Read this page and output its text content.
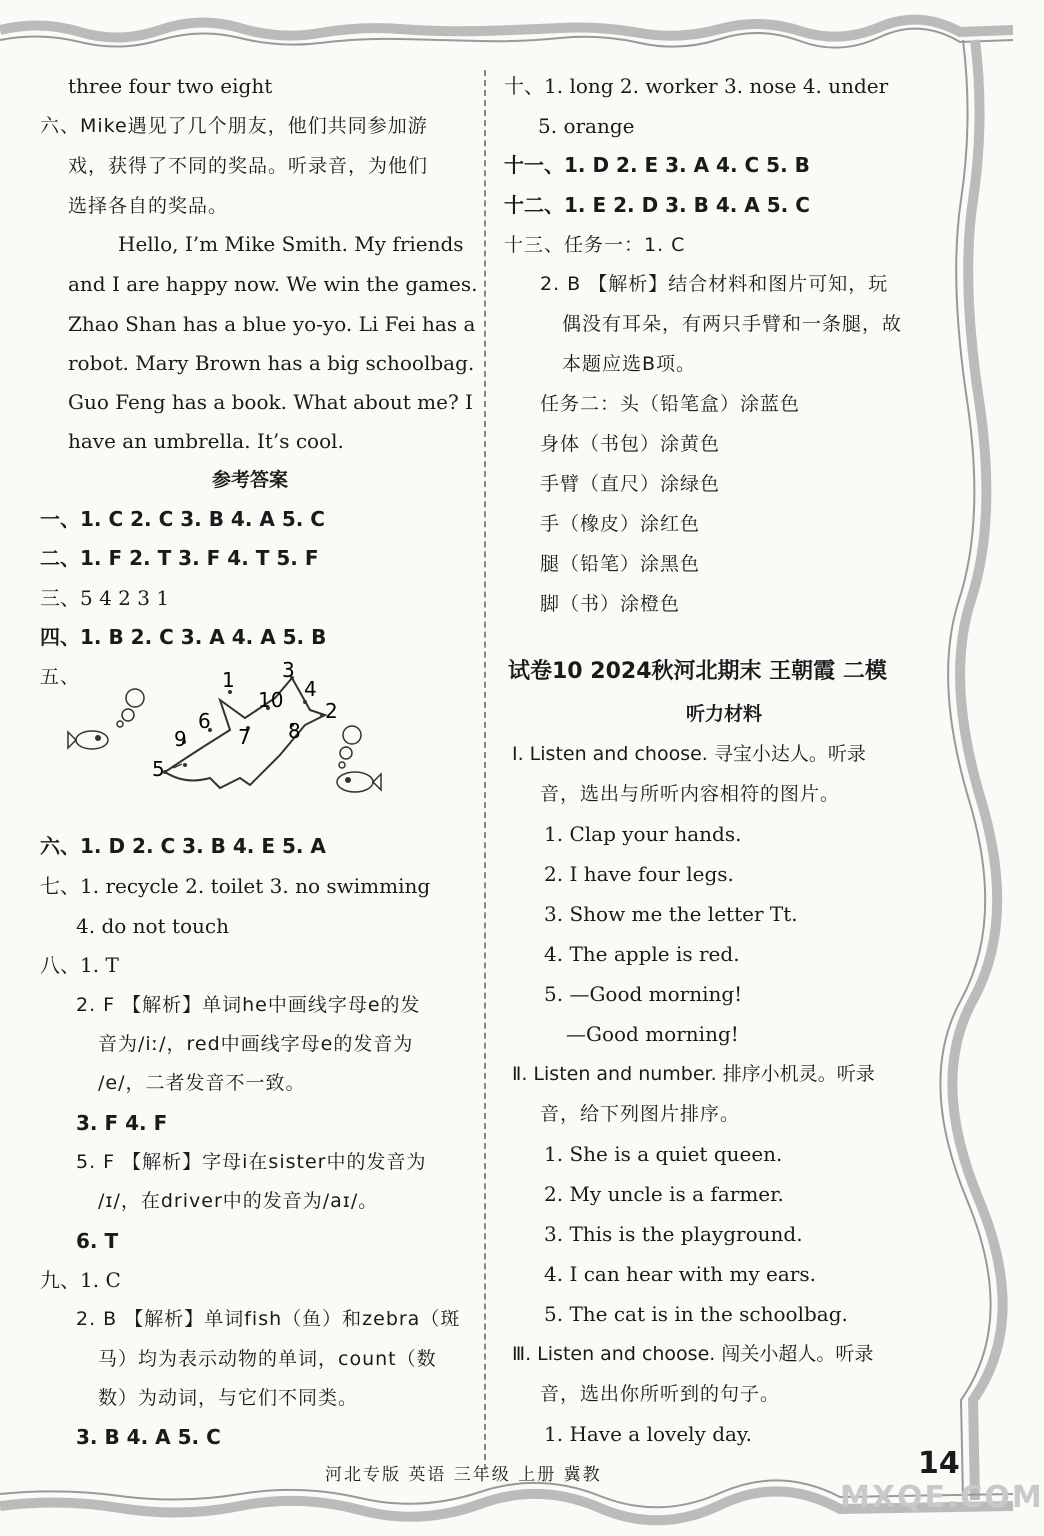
three four two eight
六、Mike遇见了几个朋友，他们共同参加游
戏，获得了不同的奖品。听录音，为他们
选择各自的奖品。
Hello, I’m Mike Smith. My friends
and I are happy now. We win the games.
Zhao Shan has a blue yo-yo. Li Fei has a
robot. Mary Brown has a big schoolbag.
Guo Feng has a book. What about me? I
have an umbrella. It’s cool.
参考答案
一、1. C 2. C 3. B 4. A 5. C
二、1. F 2. T 3. F 4. T 5. F
三、5 4 2 3 1
四、1. B 2. C 3. A 4. A 5. B
五、
六、1. D 2. C 3. B 4. E 5. A
七、1. recycle 2. toilet 3. no swimming
4. do not touch
八、1. T
2. F 【解析】单词he中画线字母e的发
音为/iː/，red中画线字母e的发音为
/e/，二者发音不一致。
3. F 4. F
5. F 【解析】字母i在sister中的发音为
/ɪ/，在driver中的发音为/aɪ/。
6. T
九、1. C
2. B 【解析】单词fish（鱼）和zebra（斑
马）均为表示动物的单词，count（数
数）为动词，与它们不同类。
3. B 4. A 5. C
1
2
3
4
5
6
7 8
9
10
十、1. long 2. worker 3. nose 4. under
5. orange
十一、1. D 2. E 3. A 4. C 5. B
十二、1. E 2. D 3. B 4. A 5. C
十三、任务一：1. C
2. B 【解析】结合材料和图片可知，玩
偶没有耳朵，有两只手臂和一条腿，故
本题应选B项。
任务二：头（铅笔盒）涂蓝色
身体（书包）涂黄色
手臂（直尺）涂绿色
手（橡皮）涂红色
腿（铅笔）涂黑色
脚（书）涂橙色
试卷10 2024秋河北期末 王朝霞 二模
听力材料
Ⅰ. Listen and choose. 寻宝小达人。听录
音，选出与所听内容相符的图片。
1. Clap your hands.
2. I have four legs.
3. Show me the letter Tt.
4. The apple is red.
5. —Good morning!
—Good morning!
Ⅱ. Listen and number. 排序小机灵。听录
音，给下列图片排序。
1. She is a quiet queen.
2. My uncle is a farmer.
3. This is the playground.
4. I can hear with my ears.
5. The cat is in the schoolbag.
Ⅲ. Listen and choose. 闯关小超人。听录
音，选出你所听到的句子。
1. Have a lovely day.
河北专版 英语 三年级 上册 冀教	14
MXQE.COM
